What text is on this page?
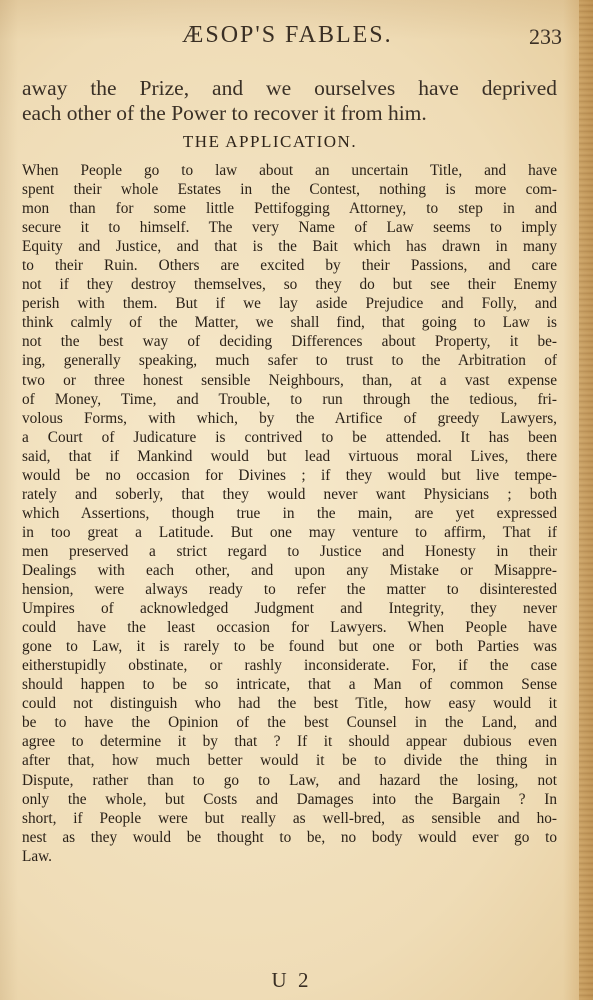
ÆSOP'S FABLES.	233
away the Prize, and we ourselves have deprived
each other of the Power to recover it from him.
THE APPLICATION.
When People go to law about an uncertain Title, and have
spent their whole Estates in the Contest, nothing is more com-
mon than for some little Pettifogging Attorney, to step in and
secure it to himself. The very Name of Law seems to imply
Equity and Justice, and that is the Bait which has drawn in many
to their Ruin. Others are excited by their Passions, and care
not if they destroy themselves, so they do but see their Enemy
perish with them. But if we lay aside Prejudice and Folly, and
think calmly of the Matter, we shall find, that going to Law is
not the best way of deciding Differences about Property, it be-
ing, generally speaking, much safer to trust to the Arbitration of
two or three honest sensible Neighbours, than, at a vast expense
of Money, Time, and Trouble, to run through the tedious, fri-
volous Forms, with which, by the Artifice of greedy Lawyers,
a Court of Judicature is contrived to be attended. It has been
said, that if Mankind would but lead virtuous moral Lives, there
would be no occasion for Divines ; if they would but live tempe-
rately and soberly, that they would never want Physicians ; both
which Assertions, though true in the main, are yet expressed
in too great a Latitude. But one may venture to affirm, That if
men preserved a strict regard to Justice and Honesty in their
Dealings with each other, and upon any Mistake or Misappre-
hension, were always ready to refer the matter to disinterested
Umpires of acknowledged Judgment and Integrity, they never
could have the least occasion for Lawyers. When People have
gone to Law, it is rarely to be found but one or both Parties was
eitherstupidly obstinate, or rashly inconsiderate. For, if the case
should happen to be so intricate, that a Man of common Sense
could not distinguish who had the best Title, how easy would it
be to have the Opinion of the best Counsel in the Land, and
agree to determine it by that ? If it should appear dubious even
after that, how much better would it be to divide the thing in
Dispute, rather than to go to Law, and hazard the losing, not
only the whole, but Costs and Damages into the Bargain ? In
short, if People were but really as well-bred, as sensible and ho-
nest as they would be thought to be, no body would ever go to
Law.
U 2
